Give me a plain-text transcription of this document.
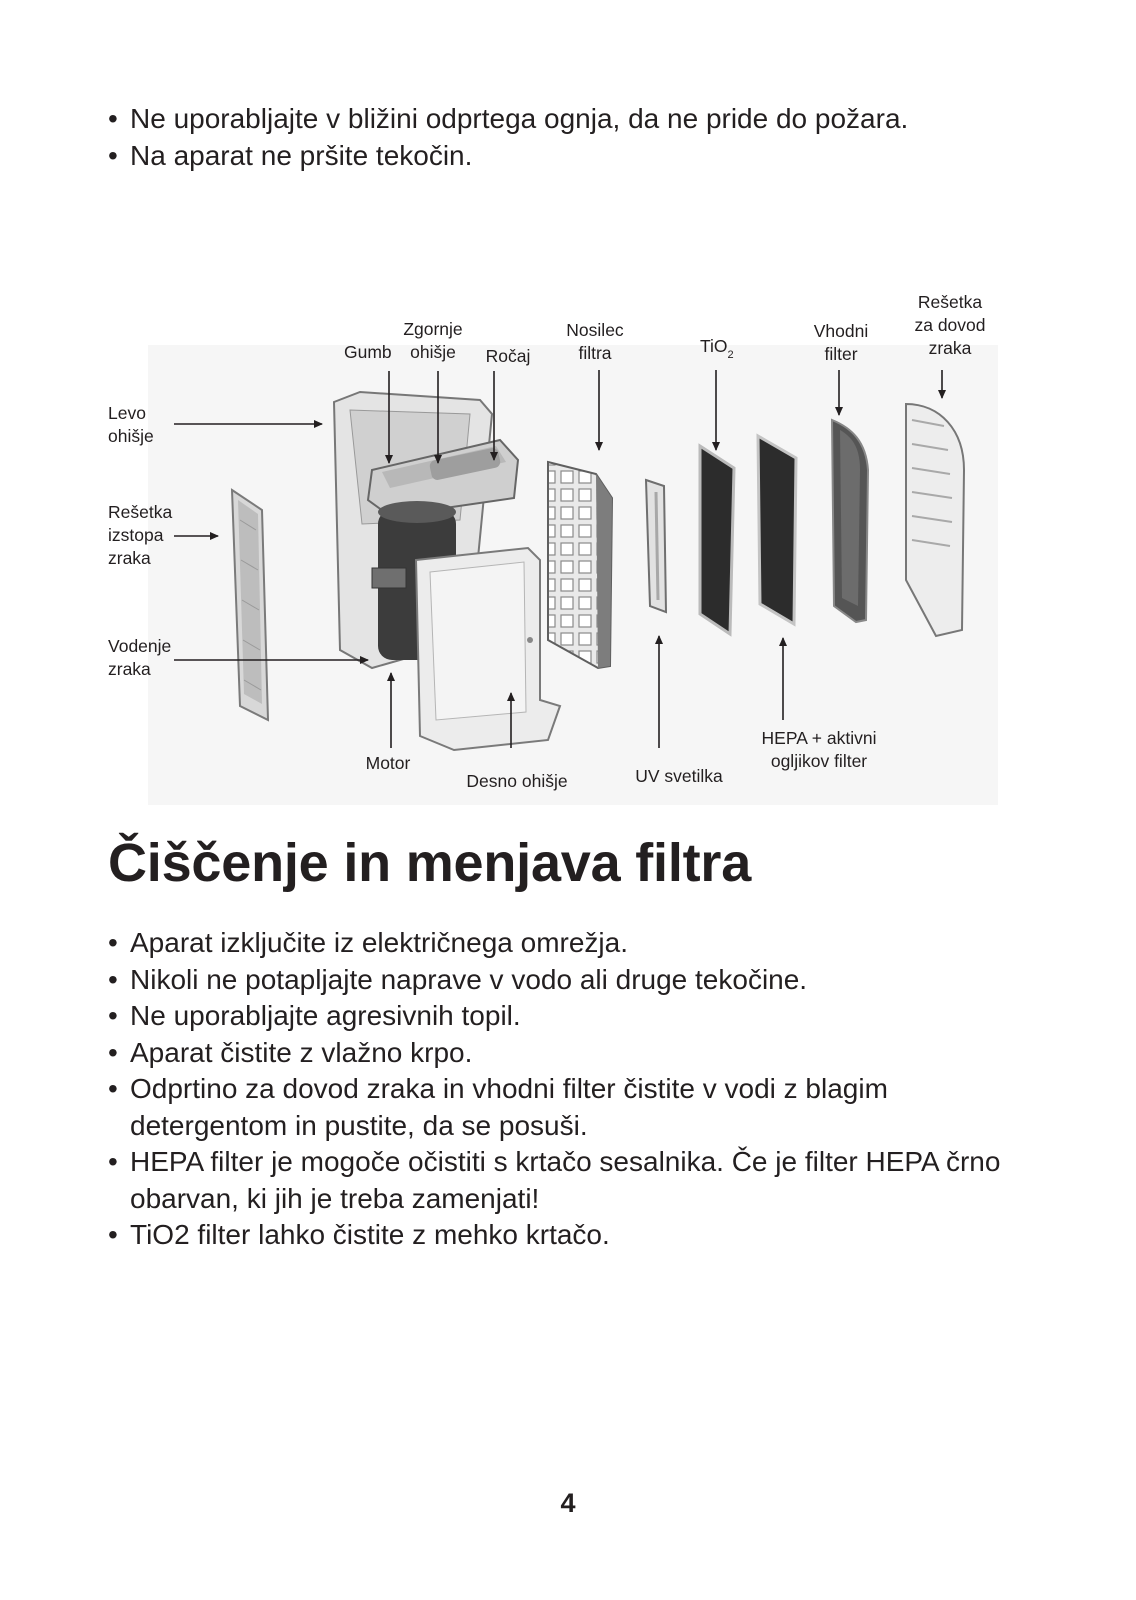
• Ne uporabljajte v bližini odprtega ognja, da ne pride do požara.
• Na aparat ne pršite tekočin.
Levo
ohišje
Rešetka
izstopa
zraka
Vodenje
zraka
Gumb
Zgornje
ohišje Ročaj
Nosilec
filtra	TiO$_2$
Vhodni
filter
Rešetka
za dovod
zraka
Motor
Desno ohišje	UV svetilka
HEPA + aktivni
ogljikov filter
Čiščenje in menjava filtra
• Aparat izključite iz električnega omrežja.
• Nikoli ne potapljajte naprave v vodo ali druge tekočine.
• Ne uporabljajte agresivnih topil.
• Aparat čistite z vlažno krpo.
• Odprtino za dovod zraka in vhodni filter čistite v vodi z blagim detergentom in pustite, da se posuši.
• HEPA filter je mogoče očistiti s krtačo sesalnika. Če je filter HEPA črno obarvan, ki jih je treba zamenjati!
• TiO2 filter lahko čistite z mehko krtačo.
4
